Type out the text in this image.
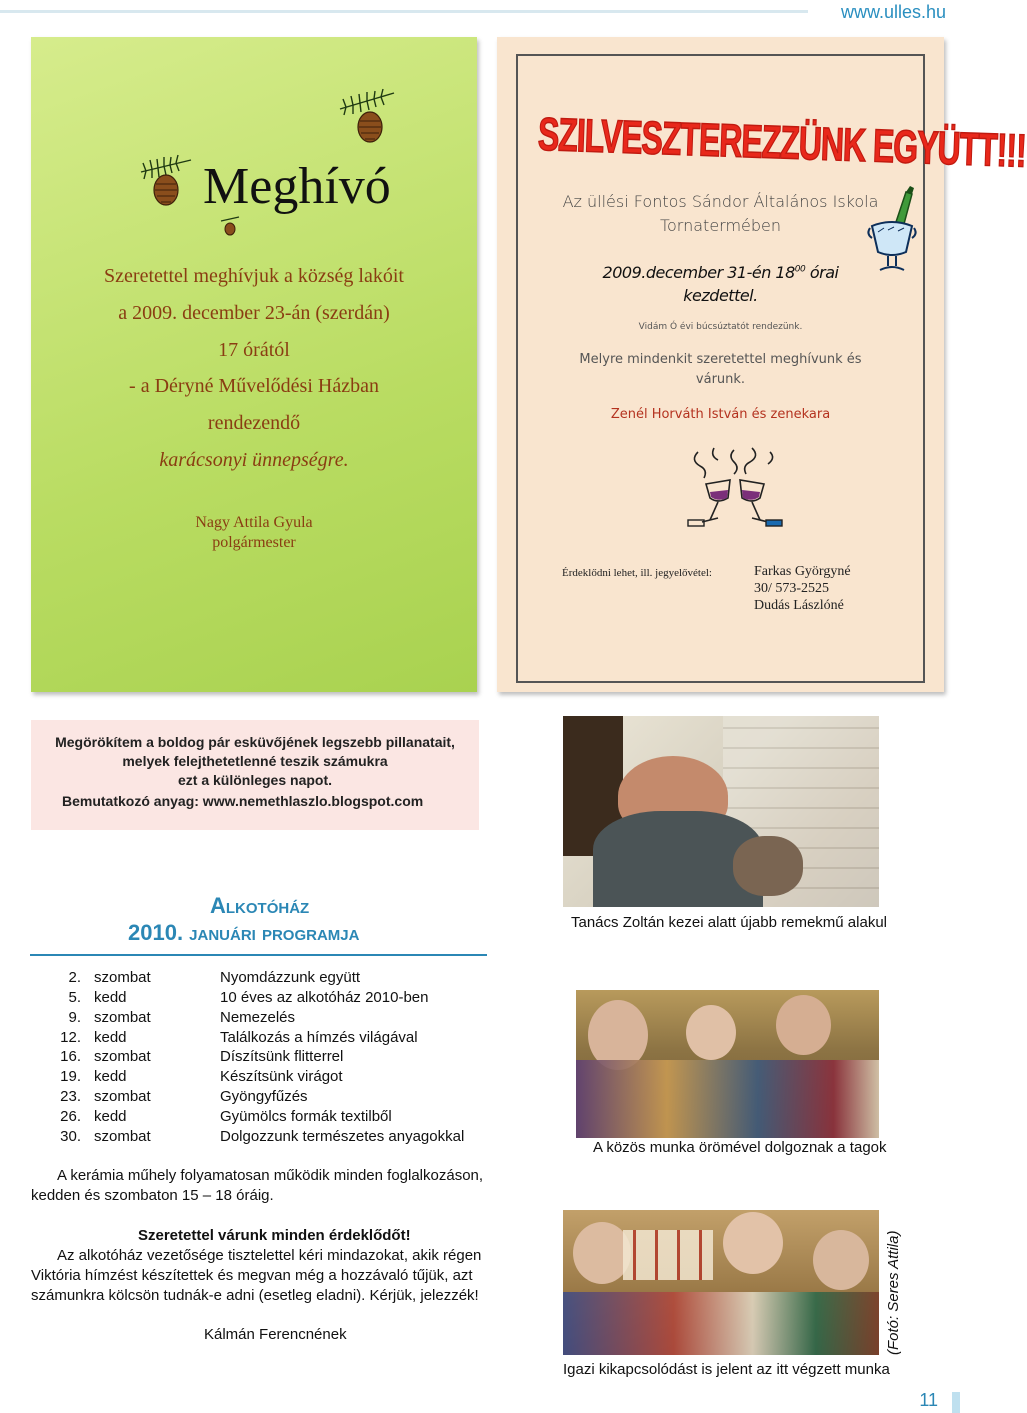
www.ulles.hu
Meghívó
Szeretettel meghívjuk a község lakóit
a 2009. december 23-án (szerdán)
17 órától
- a Déryné Művelődési Házban
rendezendő
karácsonyi ünnepségre.
Nagy Attila Gyula
polgármester
SZILVESZTEREZZÜNK EGYÜTT!!!
Az üllési Fontos Sándor Általános Iskola
Tornatermében
2009.december 31-én $18^{00}$ órai
kezdettel.
Vidám Ó évi búcsúztatót rendezünk.
Melyre mindenkit szeretettel meghívunk és
várunk.
Zenél Horváth István és zenekara
Érdeklődni lehet, ill. jegyelővétel:	Farkas Györgyné
30/ 573-2525
Dudás Lászlóné
Megörökítem a boldog pár esküvőjének legszebb pillanatait,
melyek felejthetetlenné teszik számukra
ezt a különleges napot.
Bemutatkozó anyag: www.nemethlaszlo.blogspot.com
Tanács Zoltán kezei alatt újabb remekmű alakul
A közös munka örömével dolgoznak a tagok
Igazi kikapcsolódást is jelent az itt végzett munka
(Fotó: Seres Attila)
Alkotóház
2010. januári programja
2. szombat	Nyomdázzunk együtt
5. kedd	10 éves az alkotóház 2010-ben
9. szombat	Nemezelés
12. kedd	Találkozás a hímzés világával
16. szombat	Díszítsünk flitterrel
19. kedd	Készítsünk virágot
23. szombat	Gyöngyfűzés
26. kedd	Gyümölcs formák textilből
30. szombat	Dolgozzunk természetes anyagokkal
A kerámia műhely folyamatosan működik minden foglalkozáson,
kedden és szombaton 15 – 18 óráig.
Szeretettel várunk minden érdeklődőt!
Az alkotóház vezetősége tisztelettel kéri mindazokat, akik régen
Viktória hímzést készítettek és megvan még a hozzávaló tűjük, azt
számunkra kölcsön tudnák-e adni (esetleg eladni). Kérjük, jelezzék!
Kálmán Ferencnének
11
